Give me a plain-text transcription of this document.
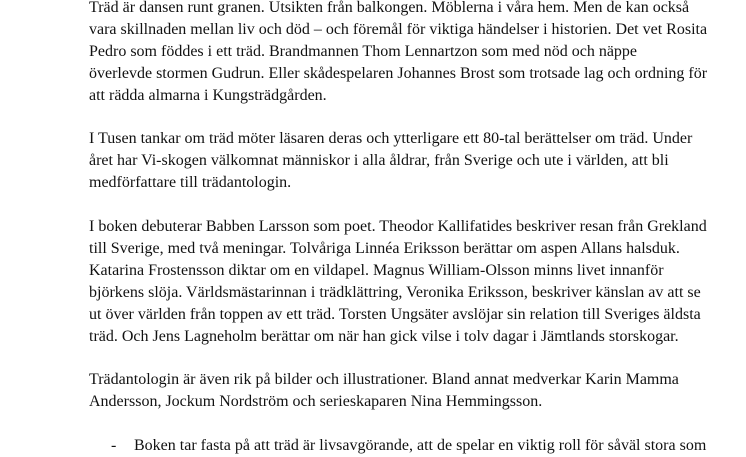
Träd är dansen runt granen. Utsikten från balkongen. Möblerna i våra hem. Men de kan också
vara skillnaden mellan liv och död – och föremål för viktiga händelser i historien. Det vet Rosita
Pedro som föddes i ett träd. Brandmannen Thom Lennartzon som med nöd och näppe
överlevde stormen Gudrun. Eller skådespelaren Johannes Brost som trotsade lag och ordning för
att rädda almarna i Kungsträdgården.

I Tusen tankar om träd möter läsaren deras och ytterligare ett 80-tal berättelser om träd. Under
året har Vi-skogen välkomnat människor i alla åldrar, från Sverige och ute i världen, att bli
medförfattare till trädantologin.

I boken debuterar Babben Larsson som poet. Theodor Kallifatides beskriver resan från Grekland
till Sverige, med två meningar. Tolvåriga Linnéa Eriksson berättar om aspen Allans halsduk.
Katarina Frostensson diktar om en vildapel. Magnus William-Olsson minns livet innanför
björkens slöja. Världsmästarinnan i trädklättring, Veronika Eriksson, beskriver känslan av att se
ut över världen från toppen av ett träd. Torsten Ungsäter avslöjar sin relation till Sveriges äldsta
träd. Och Jens Lagneholm berättar om när han gick vilse i tolv dagar i Jämtlands storskogar.

Trädantologin är även rik på bilder och illustrationer. Bland annat medverkar Karin Mamma
Andersson, Jockum Nordström och serieskaparen Nina Hemmingsson.

- Boken tar fasta på att träd är livsavgörande, att de spelar en viktig roll för såväl stora som
